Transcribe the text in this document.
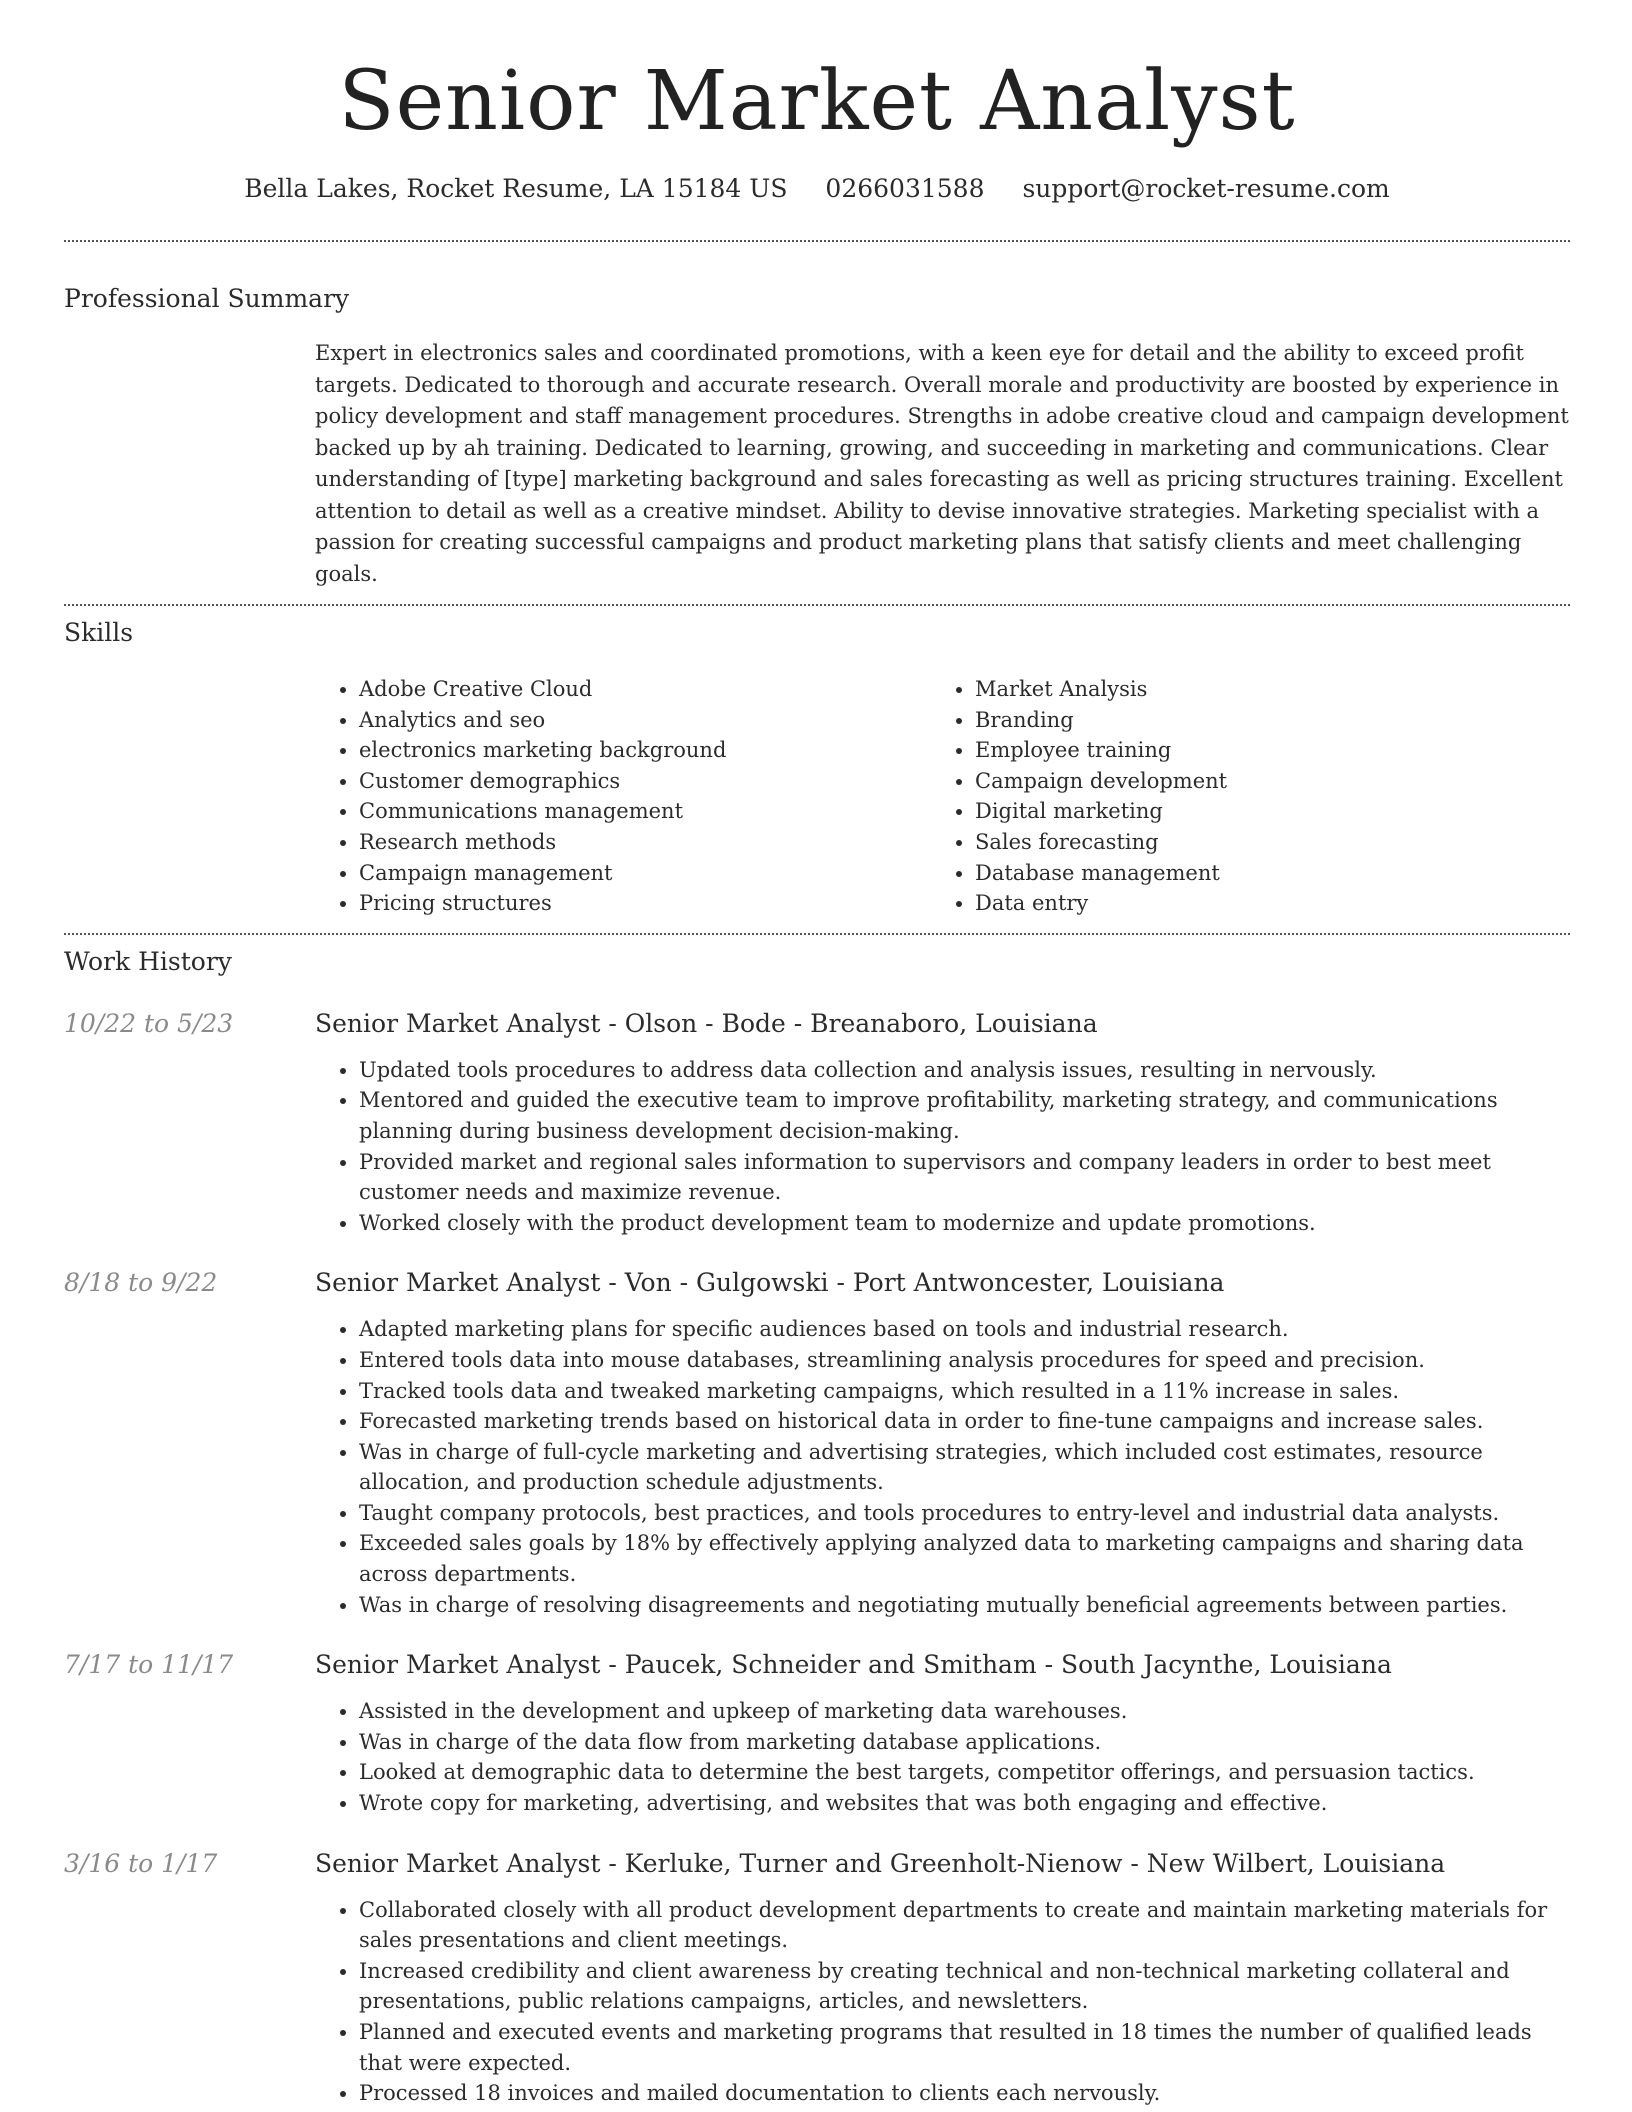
Senior Market Analyst
Bella Lakes, Rocket Resume, LA 15184 US 0266031588 support@rocket-resume.com
Professional Summary
Expert in electronics sales and coordinated promotions, with a keen eye for detail and the ability to exceed profit targets. Dedicated to thorough and accurate research. Overall morale and productivity are boosted by experience in policy development and staff management procedures. Strengths in adobe creative cloud and campaign development backed up by ah training. Dedicated to learning, growing, and succeeding in marketing and communications. Clear understanding of [type] marketing background and sales forecasting as well as pricing structures training. Excellent attention to detail as well as a creative mindset. Ability to devise innovative strategies. Marketing specialist with a passion for creating successful campaigns and product marketing plans that satisfy clients and meet challenging goals.
Skills
• Adobe Creative Cloud
• Analytics and seo
• electronics marketing background
• Customer demographics
• Communications management
• Research methods
• Campaign management
• Pricing structures
• Market Analysis
• Branding
• Employee training
• Campaign development
• Digital marketing
• Sales forecasting
• Database management
• Data entry
Work History
10/22 to 5/23	Senior Market Analyst - Olson - Bode - Breanaboro, Louisiana
• Updated tools procedures to address data collection and analysis issues, resulting in nervously.
• Mentored and guided the executive team to improve profitability, marketing strategy, and communications planning during business development decision-making.
• Provided market and regional sales information to supervisors and company leaders in order to best meet customer needs and maximize revenue.
• Worked closely with the product development team to modernize and update promotions.
8/18 to 9/22	Senior Market Analyst - Von - Gulgowski - Port Antwoncester, Louisiana
• Adapted marketing plans for specific audiences based on tools and industrial research.
• Entered tools data into mouse databases, streamlining analysis procedures for speed and precision.
• Tracked tools data and tweaked marketing campaigns, which resulted in a 11% increase in sales.
• Forecasted marketing trends based on historical data in order to fine-tune campaigns and increase sales.
• Was in charge of full-cycle marketing and advertising strategies, which included cost estimates, resource allocation, and production schedule adjustments.
• Taught company protocols, best practices, and tools procedures to entry-level and industrial data analysts.
• Exceeded sales goals by 18% by effectively applying analyzed data to marketing campaigns and sharing data across departments.
• Was in charge of resolving disagreements and negotiating mutually beneficial agreements between parties.
7/17 to 11/17	Senior Market Analyst - Paucek, Schneider and Smitham - South Jacynthe, Louisiana
• Assisted in the development and upkeep of marketing data warehouses.
• Was in charge of the data flow from marketing database applications.
• Looked at demographic data to determine the best targets, competitor offerings, and persuasion tactics.
• Wrote copy for marketing, advertising, and websites that was both engaging and effective.
3/16 to 1/17	Senior Market Analyst - Kerluke, Turner and Greenholt-Nienow - New Wilbert, Louisiana
• Collaborated closely with all product development departments to create and maintain marketing materials for sales presentations and client meetings.
• Increased credibility and client awareness by creating technical and non-technical marketing collateral and presentations, public relations campaigns, articles, and newsletters.
• Planned and executed events and marketing programs that resulted in 18 times the number of qualified leads that were expected.
• Processed 18 invoices and mailed documentation to clients each nervously.
